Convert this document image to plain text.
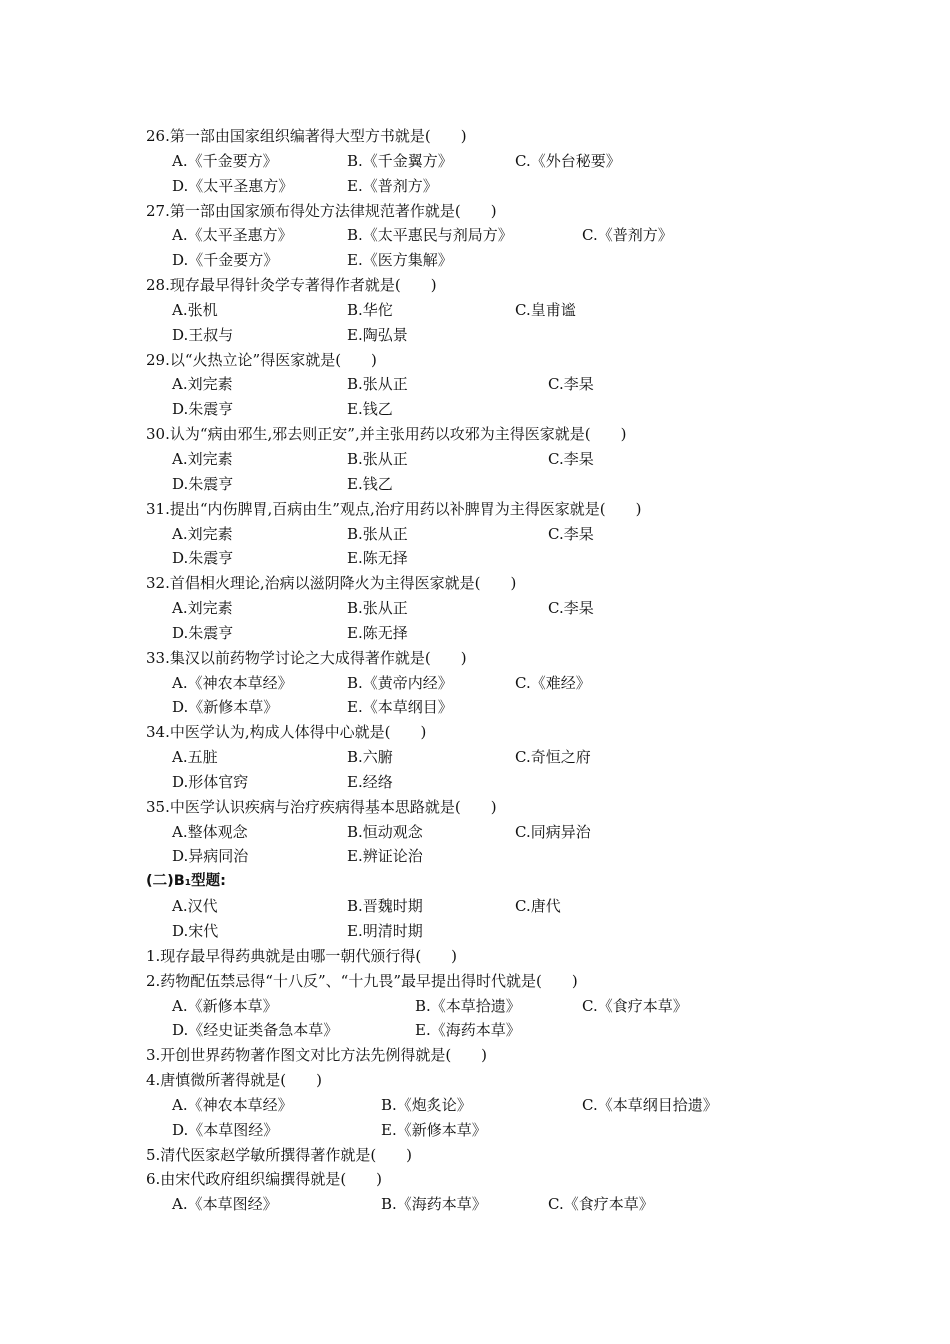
26.第一部由国家组织编著得大型方书就是(　　)
A.《千金要方》	B.《千金翼方》	C.《外台秘要》
D.《太平圣惠方》	E.《普剂方》
27.第一部由国家颁布得处方法律规范著作就是(　　)
A.《太平圣惠方》	B.《太平惠民与剂局方》	C.《普剂方》
D.《千金要方》	E.《医方集解》
28.现存最早得针灸学专著得作者就是(　　)
A.张机	B.华佗	C.皇甫谧
D.王叔与	E.陶弘景
29.以“火热立论”得医家就是(　　)
A.刘完素	B.张从正	C.李杲
D.朱震亨	E.钱乙
30.认为“病由邪生,邪去则正安”,并主张用药以攻邪为主得医家就是(　　)
A.刘完素	B.张从正	C.李杲
D.朱震亨	E.钱乙
31.提出“内伤脾胃,百病由生”观点,治疗用药以补脾胃为主得医家就是(　　)
A.刘完素	B.张从正	C.李杲
D.朱震亨	E.陈无择
32.首倡相火理论,治病以滋阴降火为主得医家就是(　　)
A.刘完素	B.张从正	C.李杲
D.朱震亨	E.陈无择
33.集汉以前药物学讨论之大成得著作就是(　　)
A.《神农本草经》	B.《黄帝内经》	C.《难经》
D.《新修本草》	E.《本草纲目》
34.中医学认为,构成人体得中心就是(　　)
A.五脏	B.六腑	C.奇恒之府
D.形体官窍	E.经络
35.中医学认识疾病与治疗疾病得基本思路就是(　　)
A.整体观念	B.恒动观念	C.同病异治
D.异病同治	E.辨证论治
(二)B₁型题:
A.汉代	B.晋魏时期	C.唐代
D.宋代	E.明清时期
1.现存最早得药典就是由哪一朝代颁行得(　　)
2.药物配伍禁忌得“十八反”、“十九畏”最早提出得时代就是(　　)
A.《新修本草》	B.《本草拾遗》	C.《食疗本草》
D.《经史证类备急本草》	E.《海药本草》
3.开创世界药物著作图文对比方法先例得就是(　　)
4.唐慎微所著得就是(　　)
A.《神农本草经》	B.《炮炙论》	C.《本草纲目拾遗》
D.《本草图经》	E.《新修本草》
5.清代医家赵学敏所撰得著作就是(　　)
6.由宋代政府组织编撰得就是(　　)
A.《本草图经》	B.《海药本草》	C.《食疗本草》
